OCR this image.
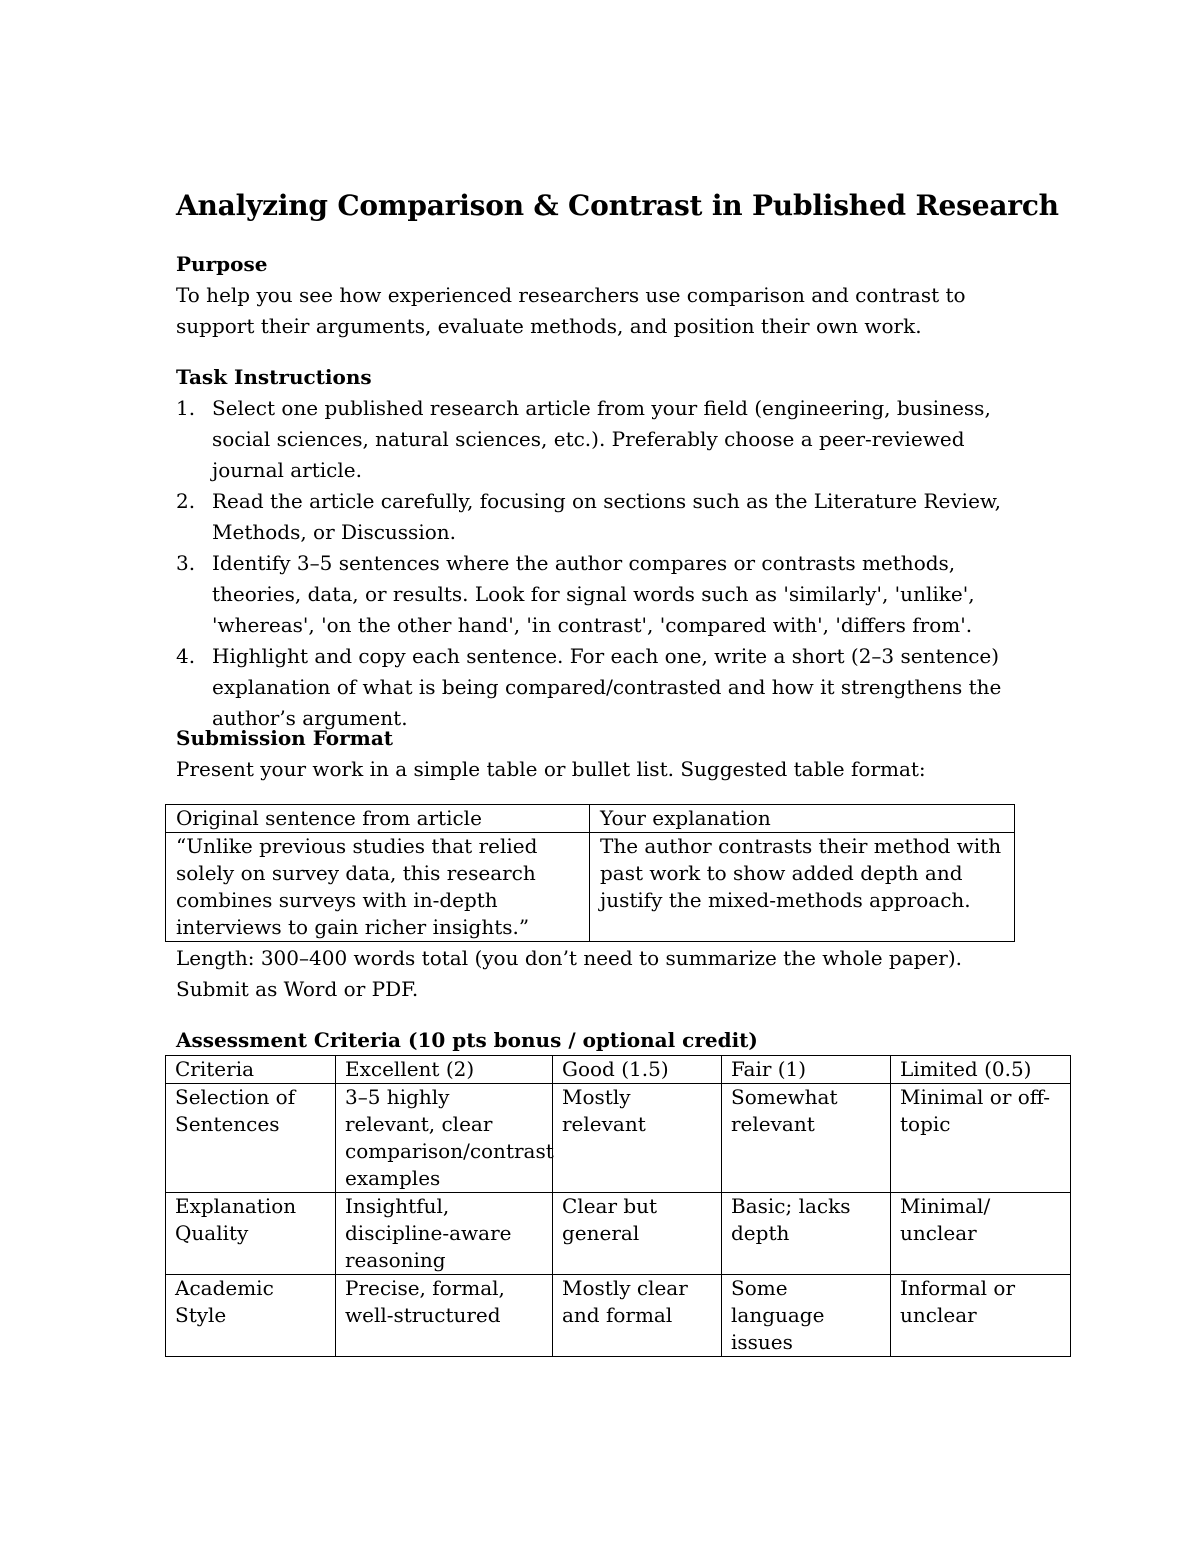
Analyzing Comparison & Contrast in Published Research
Purpose
To help you see how experienced researchers use comparison and contrast to support their arguments, evaluate methods, and position their own work.
Task Instructions
1. Select one published research article from your field (engineering, business, social sciences, natural sciences, etc.). Preferably choose a peer-reviewed journal article.
2. Read the article carefully, focusing on sections such as the Literature Review, Methods, or Discussion.
3. Identify 3–5 sentences where the author compares or contrasts methods, theories, data, or results. Look for signal words such as 'similarly', 'unlike', 'whereas', 'on the other hand', 'in contrast', 'compared with', 'differs from'.
4. Highlight and copy each sentence. For each one, write a short (2–3 sentence) explanation of what is being compared/contrasted and how it strengthens the author’s argument.
Submission Format
Present your work in a simple table or bullet list. Suggested table format:
Original sentence from article	Your explanation
“Unlike previous studies that relied solely on survey data, this research combines surveys with in-depth interviews to gain richer insights.”	The author contrasts their method with past work to show added depth and justify the mixed-methods approach.
Length: 300–400 words total (you don’t need to summarize the whole paper). Submit as Word or PDF.
Assessment Criteria (10 pts bonus / optional credit)
Criteria	Excellent (2)	Good (1.5)	Fair (1)	Limited (0.5)
Selection of Sentences	3–5 highly relevant, clear comparison/contrast examples	Mostly relevant	Somewhat relevant	Minimal or off-topic
Explanation Quality	Insightful, discipline-aware reasoning	Clear but general	Basic; lacks depth	Minimal/ unclear
Academic Style	Precise, formal, well-structured	Mostly clear and formal	Some language issues	Informal or unclear
